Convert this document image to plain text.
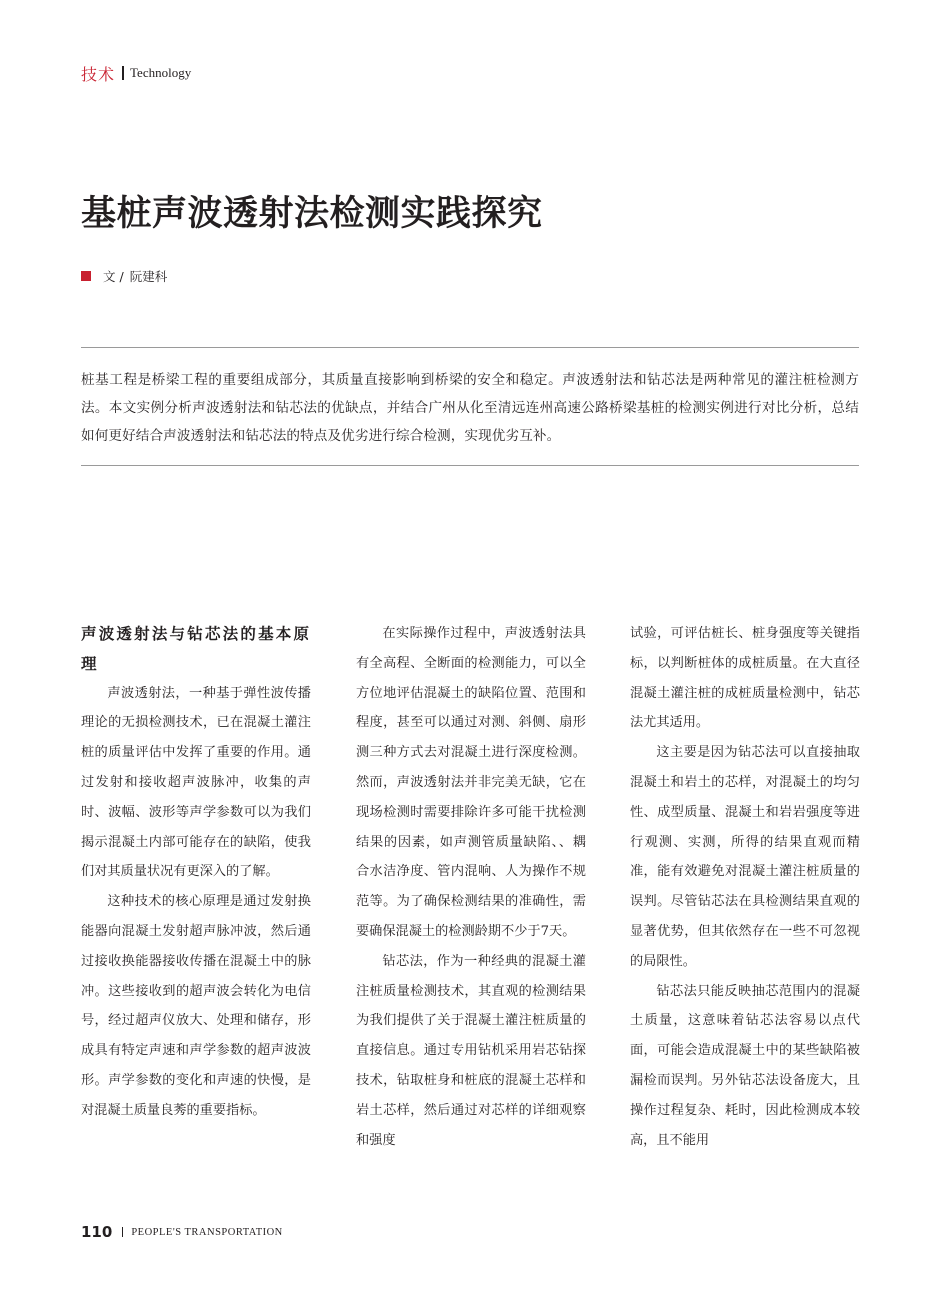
技术 Technology
基桩声波透射法检测实践探究
文 / 阮建科

桩基工程是桥梁工程的重要组成部分，其质量直接影响到桥梁的安全和稳定。声波透射法和钻芯法是两种常见的灌注桩检测方法。本文实例分析声波透射法和钻芯法的优缺点，并结合广州从化至清远连州高速公路桥梁基桩的检测实例进行对比分析，总结如何更好结合声波透射法和钻芯法的特点及优劣进行综合检测，实现优劣互补。

声波透射法与钻芯法的基本原理

声波透射法，一种基于弹性波传播理论的无损检测技术，已在混凝土灌注桩的质量评估中发挥了重要的作用。通过发射和接收超声波脉冲，收集的声时、波幅、波形等声学参数可以为我们揭示混凝土内部可能存在的缺陷，使我们对其质量状况有更深入的了解。

这种技术的核心原理是通过发射换能器向混凝土发射超声脉冲波，然后通过接收换能器接收传播在混凝土中的脉冲。这些接收到的超声波会转化为电信号，经过超声仪放大、处理和储存，形成具有特定声速和声学参数的超声波波形。声学参数的变化和声速的快慢，是对混凝土质量良莠的重要指标。

在实际操作过程中，声波透射法具有全高程、全断面的检测能力，可以全方位地评估混凝土的缺陷位置、范围和程度，甚至可以通过对测、斜侧、扇形测三种方式去对混凝土进行深度检测。然而，声波透射法并非完美无缺，它在现场检测时需要排除许多可能干扰检测结果的因素，如声测管质量缺陷、、耦合水洁净度、管内混响、人为操作不规范等。为了确保检测结果的准确性，需要确保混凝土的检测龄期不少于7天。

钻芯法，作为一种经典的混凝土灌注桩质量检测技术，其直观的检测结果为我们提供了关于混凝土灌注桩质量的直接信息。通过专用钻机采用岩芯钻探技术，钻取桩身和桩底的混凝土芯样和岩土芯样，然后通过对芯样的详细观察和强度

试验，可评估桩长、桩身强度等关键指标，以判断桩体的成桩质量。在大直径混凝土灌注桩的成桩质量检测中，钻芯法尤其适用。

这主要是因为钻芯法可以直接抽取混凝土和岩土的芯样，对混凝土的均匀性、成型质量、混凝土和岩岩强度等进行观测、实测，所得的结果直观而精准，能有效避免对混凝土灌注桩质量的误判。尽管钻芯法在具检测结果直观的显著优势，但其依然存在一些不可忽视的局限性。

钻芯法只能反映抽芯范围内的混凝土质量，这意味着钻芯法容易以点代面，可能会造成混凝土中的某些缺陷被漏检而误判。另外钻芯法设备庞大，且操作过程复杂、耗时，因此检测成本较高，且不能用

110 PEOPLE'S TRANSPORTATION
